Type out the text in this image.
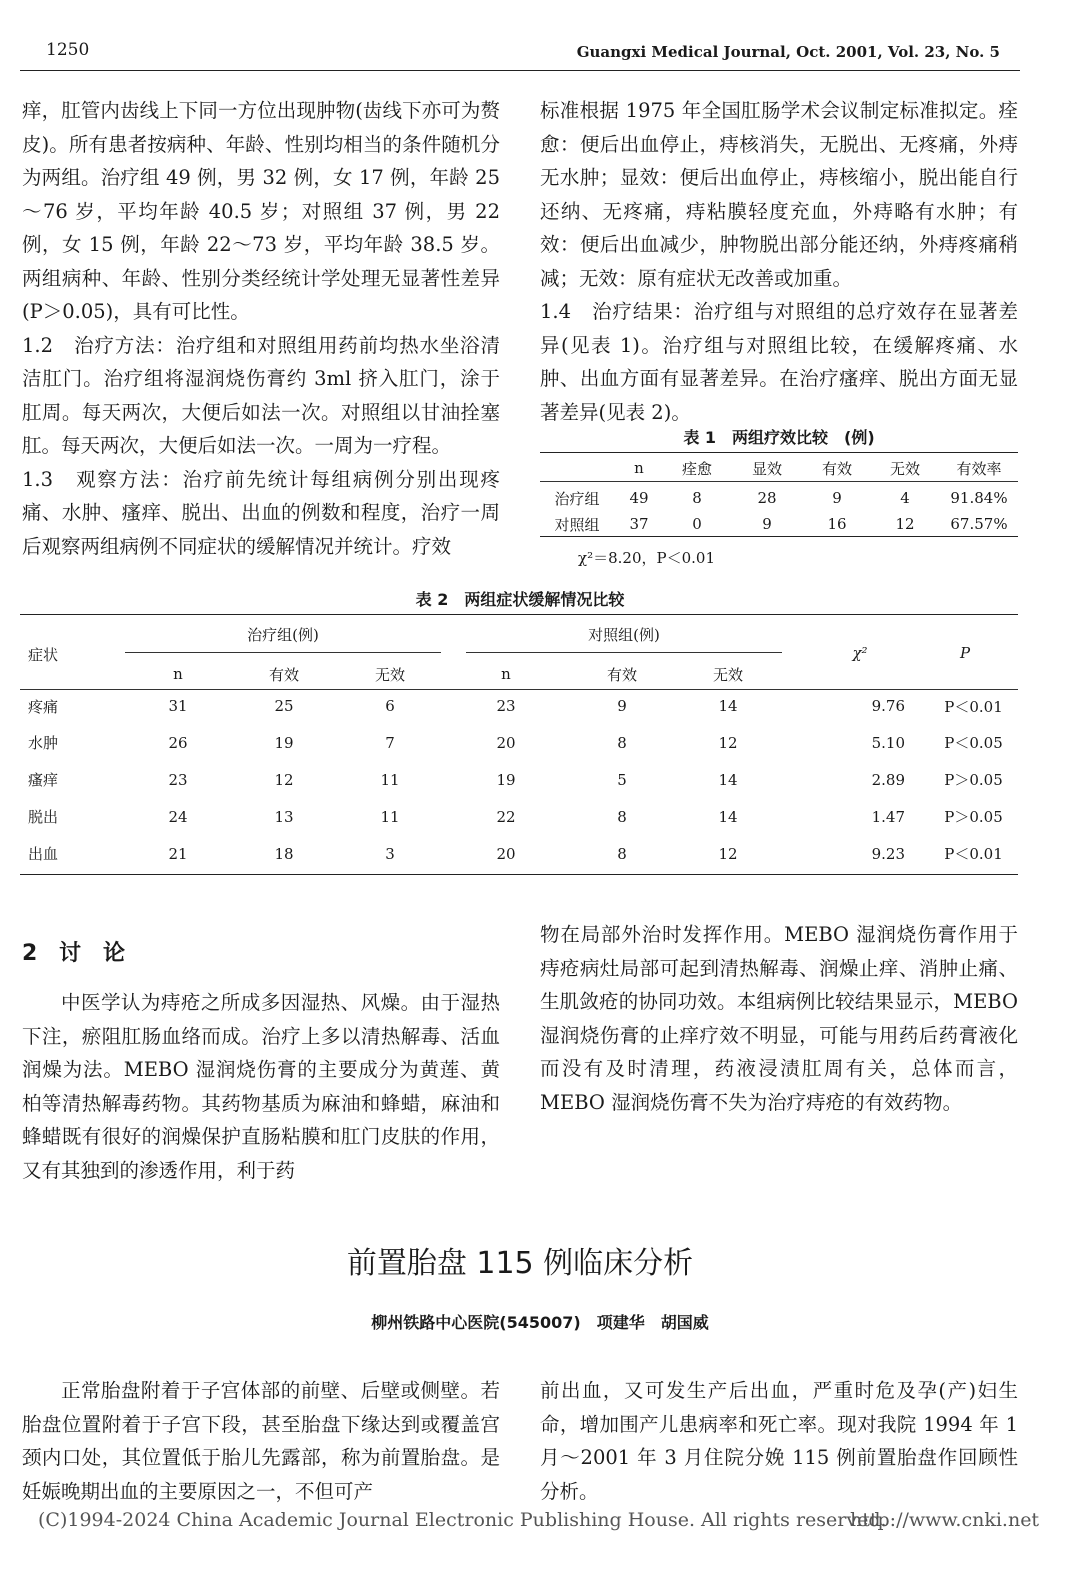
1250	Guangxi Medical Journal, Oct. 2001, Vol. 23, No. 5

痒，肛管内齿线上下同一方位出现肿物(齿线下亦可为赘皮)。所有患者按病种、年龄、性别均相当的条件随机分为两组。治疗组 49 例，男 32 例，女 17 例，年龄 25～76 岁，平均年龄 40.5 岁；对照组 37 例，男 22 例，女 15 例，年龄 22～73 岁，平均年龄 38.5 岁。两组病种、年龄、性别分类经统计学处理无显著性差异(P＞0.05)，具有可比性。

1.2　治疗方法：治疗组和对照组用药前均热水坐浴清洁肛门。治疗组将湿润烧伤膏约 3ml 挤入肛门，涂于肛周。每天两次，大便后如法一次。对照组以甘油拴塞肛。每天两次，大便后如法一次。一周为一疗程。

1.3　观察方法：治疗前先统计每组病例分别出现疼痛、水肿、瘙痒、脱出、出血的例数和程度，治疗一周后观察两组病例不同症状的缓解情况并统计。疗效

标准根据 1975 年全国肛肠学术会议制定标准拟定。痊愈：便后出血停止，痔核消失，无脱出、无疼痛，外痔无水肿；显效：便后出血停止，痔核缩小，脱出能自行还纳、无疼痛，痔粘膜轻度充血，外痔略有水肿；有效：便后出血减少，肿物脱出部分能还纳，外痔疼痛稍减；无效：原有症状无改善或加重。

1.4　治疗结果：治疗组与对照组的总疗效存在显著差异(见表 1)。治疗组与对照组比较，在缓解疼痛、水肿、出血方面有显著差异。在治疗瘙痒、脱出方面无显著差异(见表 2)。

表 1　两组疗效比较　(例)
	n	痊愈	显效	有效	无效	有效率

治疗组	49	8	28	9	4	91.84%
对照组	37	0	9	16	12	67.57%
χ²＝8.20，P＜0.01
表 2　两组症状缓解情况比较
症状
治疗组(例)	对照组(例)
χ²	P
	n	有效	无效	n	有效	无效		
疼痛	31	25	6	23	9	14	9.76	P＜0.01
水肿	26	19	7	20	8	12	5.10	P＜0.05
瘙痒	23	12	11	19	5	14	2.89	P＞0.05
脱出	24	13	11	22	8	14	1.47	P＞0.05
出血	21	18	3	20	8	12	9.23	P＜0.01
2 讨　论

中医学认为痔疮之所成多因湿热、风燥。由于湿热下注，瘀阻肛肠血络而成。治疗上多以清热解毒、活血润燥为法。MEBO 湿润烧伤膏的主要成分为黄莲、黄柏等清热解毒药物。其药物基质为麻油和蜂蜡，麻油和蜂蜡既有很好的润燥保护直肠粘膜和肛门皮肤的作用，又有其独到的渗透作用，利于药

物在局部外治时发挥作用。MEBO 湿润烧伤膏作用于痔疮病灶局部可起到清热解毒、润燥止痒、消肿止痛、生肌敛疮的协同功效。本组病例比较结果显示，MEBO 湿润烧伤膏的止痒疗效不明显，可能与用药后药膏液化而没有及时清理，药液浸渍肛周有关，总体而言，MEBO 湿润烧伤膏不失为治疗痔疮的有效药物。

前置胎盘 115 例临床分析
柳州铁路中心医院(545007)　项建华　胡国威

正常胎盘附着于子宫体部的前壁、后壁或侧壁。若胎盘位置附着于子宫下段，甚至胎盘下缘达到或覆盖宫颈内口处，其位置低于胎儿先露部，称为前置胎盘。是妊娠晚期出血的主要原因之一，不但可产

前出血，又可发生产后出血，严重时危及孕(产)妇生命，增加围产儿患病率和死亡率。现对我院 1994 年 1 月～2001 年 3 月住院分娩 115 例前置胎盘作回顾性分析。

(C)1994-2024 China Academic Journal Electronic Publishing House. All rights reserved.
http://www.cnki.net
